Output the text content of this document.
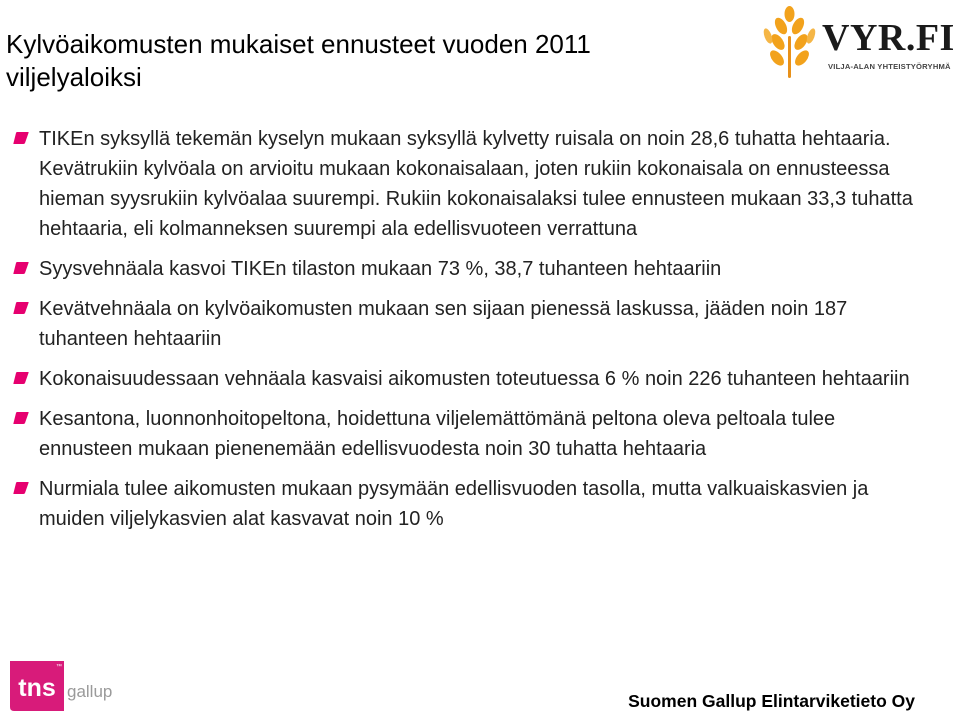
Kylvöaikomusten mukaiset ennusteet vuoden 2011
viljelyaloiksi
VYR.FI
VILJA-ALAN YHTEISTYÖRYHMÄ
TIKEn syksyllä tekemän kyselyn mukaan syksyllä kylvetty ruisala on noin 28,6 tuhatta hehtaaria. Kevätrukiin kylvöala on arvioitu mukaan kokonaisalaan, joten rukiin kokonaisala on ennusteessa hieman syysrukiin kylvöalaa suurempi. Rukiin kokonaisalaksi tulee ennusteen mukaan 33,3 tuhatta hehtaaria, eli kolmanneksen suurempi ala edellisvuoteen verrattuna
Syysvehnäala kasvoi TIKEn tilaston mukaan 73 %, 38,7 tuhanteen hehtaariin
Kevätvehnäala on kylvöaikomusten mukaan sen sijaan pienessä laskussa, jääden noin 187 tuhanteen hehtaariin
Kokonaisuudessaan vehnäala kasvaisi aikomusten toteutuessa 6 % noin 226 tuhanteen hehtaariin
Kesantona, luonnonhoitopeltona, hoidettuna viljelemättömänä peltona oleva peltoala tulee ennusteen mukaan pienenemään edellisvuodesta noin 30 tuhatta hehtaaria
Nurmiala tulee aikomusten mukaan pysymään edellisvuoden tasolla, mutta valkuaiskasvien ja muiden viljelykasvien alat kasvavat noin 10 %
tns
™
gallup	Suomen Gallup Elintarviketieto Oy
